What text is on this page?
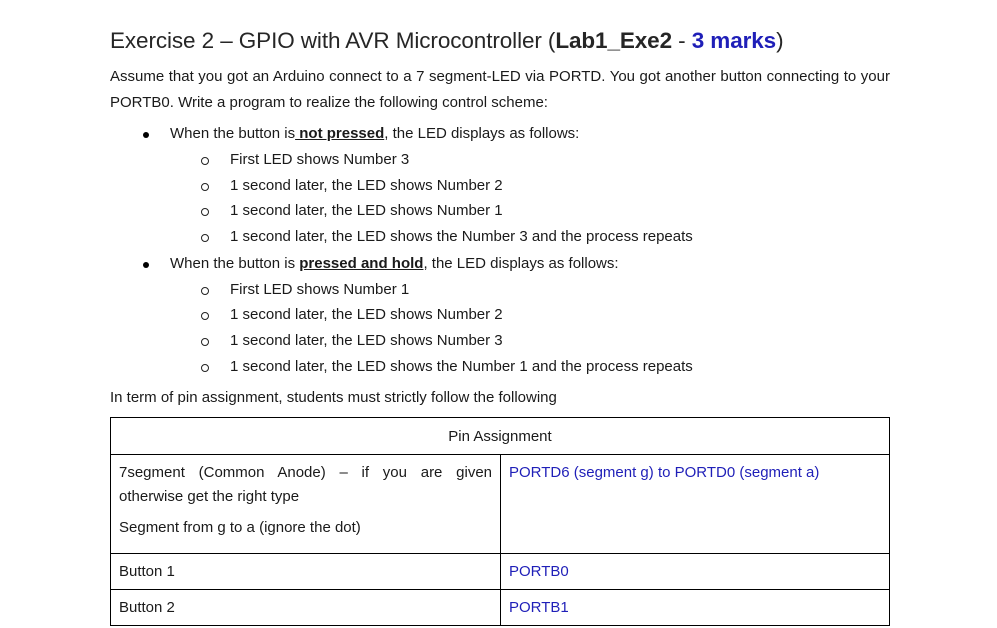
Exercise 2 – GPIO with AVR Microcontroller (Lab1_Exe2 - 3 marks)

Assume that you got an Arduino connect to a 7 segment-LED via PORTD. You got another button connecting to your PORTB0. Write a program to realize the following control scheme:

When the button is not pressed, the LED displays as follows:
First LED shows Number 3
1 second later, the LED shows Number 2
1 second later, the LED shows Number 1
1 second later, the LED shows the Number 3 and the process repeats
When the button is pressed and hold, the LED displays as follows:
First LED shows Number 1
1 second later, the LED shows Number 2
1 second later, the LED shows Number 3
1 second later, the LED shows the Number 1 and the process repeats
In term of pin assignment, students must strictly follow the following
Pin Assignment	

7segment (Common Anode) – if you are given otherwise get the right type

Segment from g to a (ignore the dot)	PORTD6 (segment g) to PORTD0 (segment a)
Button 1	PORTB0
Button 2	PORTB1
